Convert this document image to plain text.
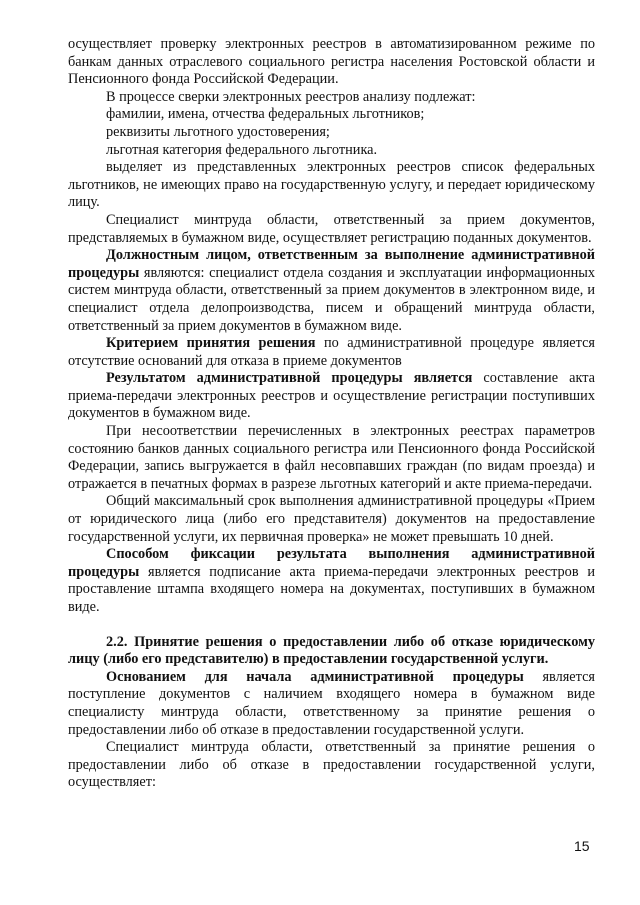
осуществляет проверку электронных реестров в автоматизированном режиме по банкам данных отраслевого социального регистра населения Ростовской области и Пенсионного фонда Российской Федерации.

В процессе сверки электронных реестров анализу подлежат:

фамилии, имена, отчества федеральных льготников;

реквизиты льготного удостоверения;

льготная категория федерального льготника.

выделяет из представленных электронных реестров список федеральных льготников, не имеющих право на государственную услугу, и передает юридическому лицу.

Специалист минтруда области, ответственный за прием документов, представляемых в бумажном виде, осуществляет регистрацию поданных документов.

Должностным лицом, ответственным за выполнение административной процедуры являются: специалист отдела создания и эксплуатации информационных систем минтруда области, ответственный за прием документов в электронном виде, и специалист отдела делопроизводства, писем и обращений минтруда области, ответственный за прием документов в бумажном виде.

Критерием принятия решения по административной процедуре является отсутствие оснований для отказа в приеме документов

Результатом административной процедуры является составление акта приема-передачи электронных реестров и осуществление регистрации поступивших документов в бумажном виде.

При несоответствии перечисленных в электронных реестрах параметров состоянию банков данных социального регистра или Пенсионного фонда Российской Федерации, запись выгружается в файл несовпавших граждан (по видам проезда) и отражается в печатных формах в разрезе льготных категорий и акте приема-передачи.

Общий максимальный срок выполнения административной процедуры «Прием от юридического лица (либо его представителя) документов на предоставление государственной услуги, их первичная проверка» не может превышать 10 дней.

Способом фиксации результата выполнения административной процедуры является подписание акта приема-передачи электронных реестров и проставление штампа входящего номера на документах, поступивших в бумажном виде.

2.2. Принятие решения о предоставлении либо об отказе юридическому лицу (либо его представителю) в предоставлении государственной услуги.

Основанием для начала административной процедуры является поступление документов с наличием входящего номера в бумажном виде специалисту минтруда области, ответственному за принятие решения о предоставлении либо об отказе в предоставлении государственной услуги.

Специалист минтруда области, ответственный за принятие решения о предоставлении либо об отказе в предоставлении государственной услуги, осуществляет:

15
